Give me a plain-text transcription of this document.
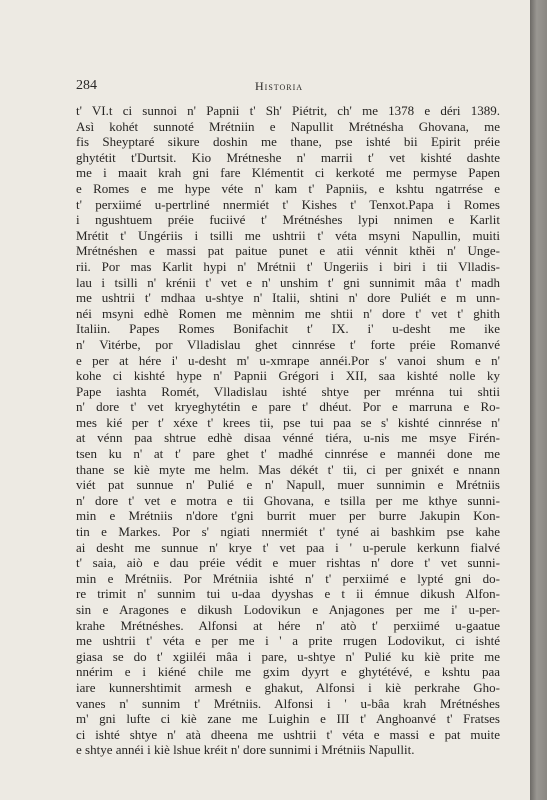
284	Historia
t' VI.t ci sunnoi n' Papnii t' Sh' Piétrit, ch' me 1378 e déri 1389.
Asì kohét sunnoté Mrétniin e Napullit Mrétnésha Ghovana, me
fis Sheyptaré sikure doshin me thane, pse ishté bii Epirit préie
ghytétit t'Durtsit. Kio Mrétneshe n' marrii t' vet kishté dashte
me i maait krah gni fare Klémentit ci kerkoté me permyse Papen
e Romes e me hype véte n' kam t' Papniis, e kshtu ngatrrése e
t' perxiimé u-pertrliné nnermiét t' Kishes t' Tenxot.Papa i Romes
i ngushtuem préie fuciivé t' Mrétnéshes lypi nnimen e Karlit
Mrétit t' Ungériis i tsilli me ushtrii t' véta msyni Napullin, muiti
Mrétnéshen e massi pat paitue punet e atii vénnit kthĕi n' Unge-
rii. Por mas Karlit hypi n' Mrétnii t' Ungeriis i biri i tii Vlladis-
lau i tsilli n' krénii t' vet e n' unshim t' gni sunnimit mâa t' madh
me ushtrii t' mdhaa u-shtye n' Italii, shtini n' dore Puliét e m unn-
néi msyni edhè Romen me mènnim me shtii n' dore t' vet t' ghith
Italiin. Papes Romes Bonifachit t' IX. i' u-desht me ike
n' Vitérbe, por Vlladislau ghet cinnrése t' forte préie Romanvé
e per at hére i' u-desht m' u-xmrape annéi.Por s' vanoi shum e n'
kohe ci kishté hype n' Papnii Grégori i XII, saa kishté nolle ky
Pape iashta Romét, Vlladislau ishté shtye per mrénna tui shtii
n' dore t' vet kryeghytétin e pare t' dhéut. Por e marruna e Ro-
mes kié per t' xéxe t' krees tii, pse tui paa se s' kishté cinnrése n'
at vénn paa shtrue edhè disaa vénné tiéra, u-nis me msye Firén-
tsen ku n' at t' pare ghet t' madhé cinnrése e mannéi done me
thane se kiè myte me helm. Mas dékét t' tii, ci per gnixét e nnann
viét pat sunnue n' Pulié e n' Napull, muer sunnimin e Mrétniis
n' dore t' vet e motra e tii Ghovana, e tsilla per me kthye sunni-
min e Mrétniis n'dore t'gni burrit muer per burre Jakupin Kon-
tin e Markes. Por s' ngiati nnermiét t' tyné ai bashkim pse kahe
ai desht me sunnue n' krye t' vet paa i ' u-perule kerkunn fialvé
t' saia, aiò e dau préie védit e muer rishtas n' dore t' vet sunni-
min e Mrétniis. Por Mrétniia ishté n' t' perxiimé e lypté gni do-
re trimit n' sunnim tui u-daa dyyshas e t ii émnue dikush Alfon-
sin e Aragones e dikush Lodovikun e Anjagones per me i' u-per-
krahe Mrétnéshes. Alfonsi at hére n' atò t' perxiimé u-gaatue
me ushtrii t' véta e per me i ' a prite rrugen Lodovikut, ci ishté
giasa se do t' xgiiléi mâa i pare, u-shtye n' Pulié ku kiè prite me
nnérim e i kiéné chile me gxim dyyrt e ghytétévé, e kshtu paa
iare kunnershtimit armesh e ghakut, Alfonsi i kiè perkrahe Gho-
vanes n' sunnim t' Mrétniis. Alfonsi i ' u-bâa krah Mrétnéshes
m' gni lufte ci kiè zane me Luighin e III t' Anghoanvé t' Fratses
ci ishté shtye n' atà dheena me ushtrii t' véta e massi e pat muite
e shtye annéi i kiè lshue kréit n' dore sunnimi i Mrétniis Napullit.
